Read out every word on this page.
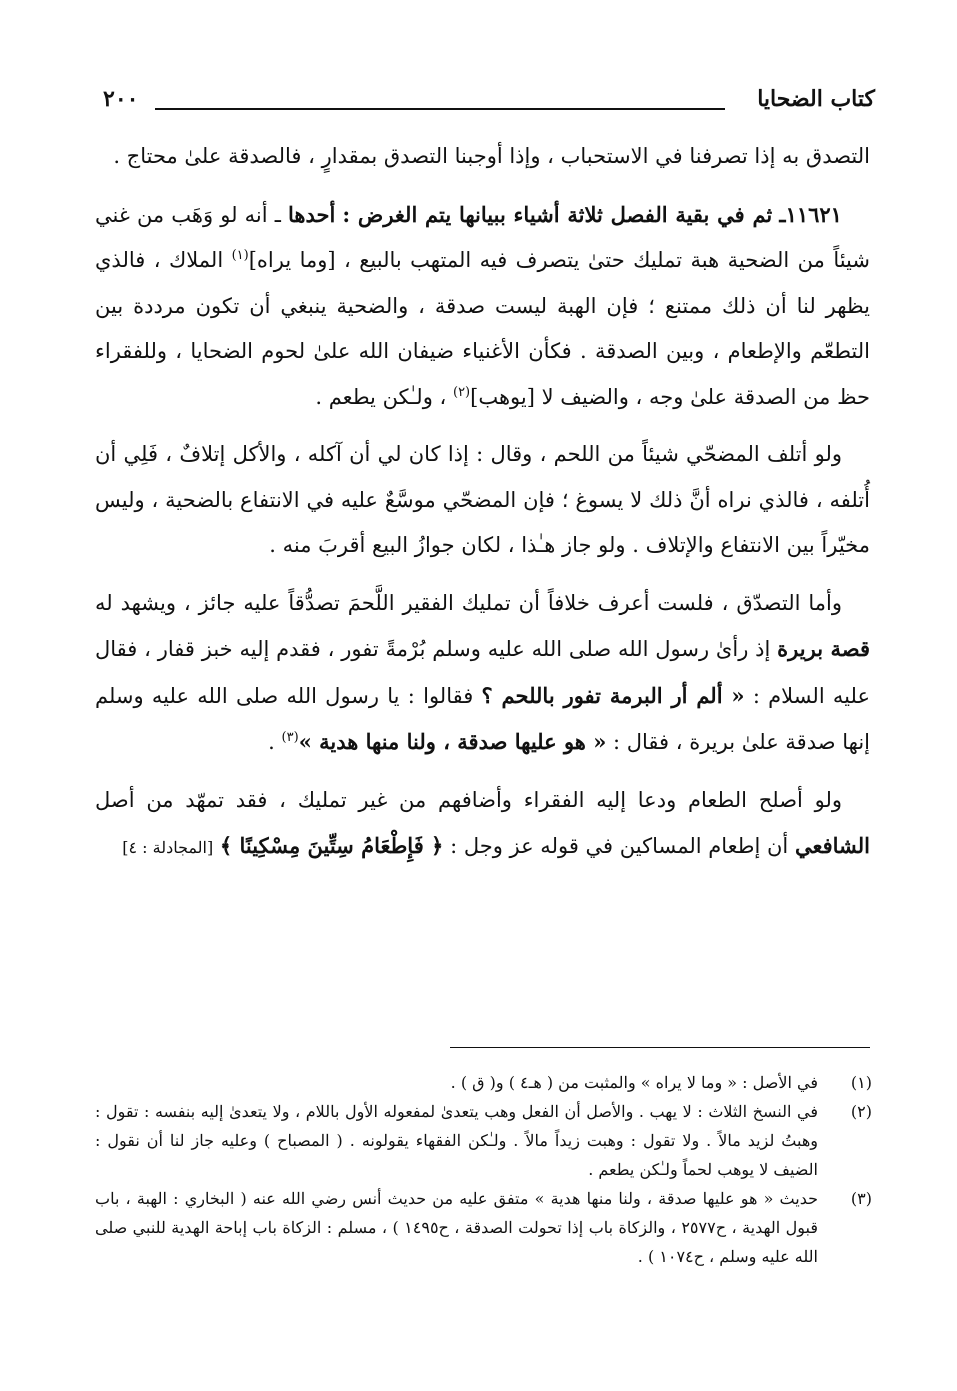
٢٠٠	كتاب الضحايا

التصدق به إذا تصرفنا في الاستحباب ، وإذا أوجبنا التصدق بمقدارٍ ، فالصدقة علىٰ محتاج .

١١٦٢١ـ ثم في بقية الفصل ثلاثة أشياء ببيانها يتم الغرض : أحدها ـ أنه لو وَهَب من غني شيئاً من الضحية هبة تمليك حتىٰ يتصرف فيه المتهب بالبيع ، [وما يراه]$^{(١)}$ الملاك ، فالذي يظهر لنا أن ذلك ممتنع ؛ فإن الهبة ليست صدقة ، والضحية ينبغي أن تكون مرددة بين التطعّم والإطعام ، وبين الصدقة . فكأن الأغنياء ضيفان الله علىٰ لحوم الضحايا ، وللفقراء حظ من الصدقة علىٰ وجه ، والضيف لا [يوهب]$^{(٢)}$ ، ولـٰكن يطعم .

ولو أتلف المضحّي شيئاً من اللحم ، وقال : إذا كان لي أن آكله ، والأكل إتلافٌ ، فَلِي أن أُتلفه ، فالذي نراه أنَّ ذلك لا يسوغ ؛ فإن المضحّي موسَّعٌ عليه في الانتفاع بالضحية ، وليس مخيّراً بين الانتفاع والإتلاف . ولو جاز هـٰذا ، لكان جوازُ البيع أقربَ منه .

وأما التصدّق ، فلست أعرف خلافاً أن تمليك الفقير اللَّحمَ تصدُّقاً عليه جائز ، ويشهد له قصة بريرة إذ رأىٰ رسول الله صلى الله عليه وسلم بُرْمةً تفور ، فقدم إليه خبز قفار ، فقال عليه السلام : « ألم أر البرمة تفور باللحم ؟ فقالوا : يا رسول الله صلى الله عليه وسلم إنها صدقة علىٰ بريرة ، فقال : « هو عليها صدقة ، ولنا منها هدية »$^{(٣)}$ .

ولو أصلح الطعام ودعا إليه الفقراء وأضافهم من غير تمليك ، فقد تمهّد من أصل الشافعي أن إطعام المساكين في قوله عز وجل : ﴿ فَإِطْعَامُ سِتِّينَ مِسْكِينًا ﴾ [المجادلة : ٤]

(١)

في الأصل : « وما لا يراه » والمثبت من ( هـ٤ ) و( ق ) .

(٢)

في النسخ الثلاث : لا يهب . والأصل أن الفعل وهب يتعدىٰ لمفعوله الأول باللام ، ولا يتعدىٰ إليه بنفسه : تقول : وهبتُ لزيد مالاً . ولا تقول : وهبت زيداً مالاً . ولـٰكن الفقهاء يقولونه . ( المصباح ) وعليه جاز لنا أن نقول : الضيف لا يوهب لحماً ولـٰكن يطعم .

(٣)

حديث « هو عليها صدقة ، ولنا منها هدية » متفق عليه من حديث أنس رضي الله عنه ( البخاري : الهبة ، باب قبول الهدية ، ح٢٥٧٧ ، والزكاة باب إذا تحولت الصدقة ، ح١٤٩٥ ) ، مسلم : الزكاة باب إباحة الهدية للنبي صلى الله عليه وسلم ، ح١٠٧٤ ) .
